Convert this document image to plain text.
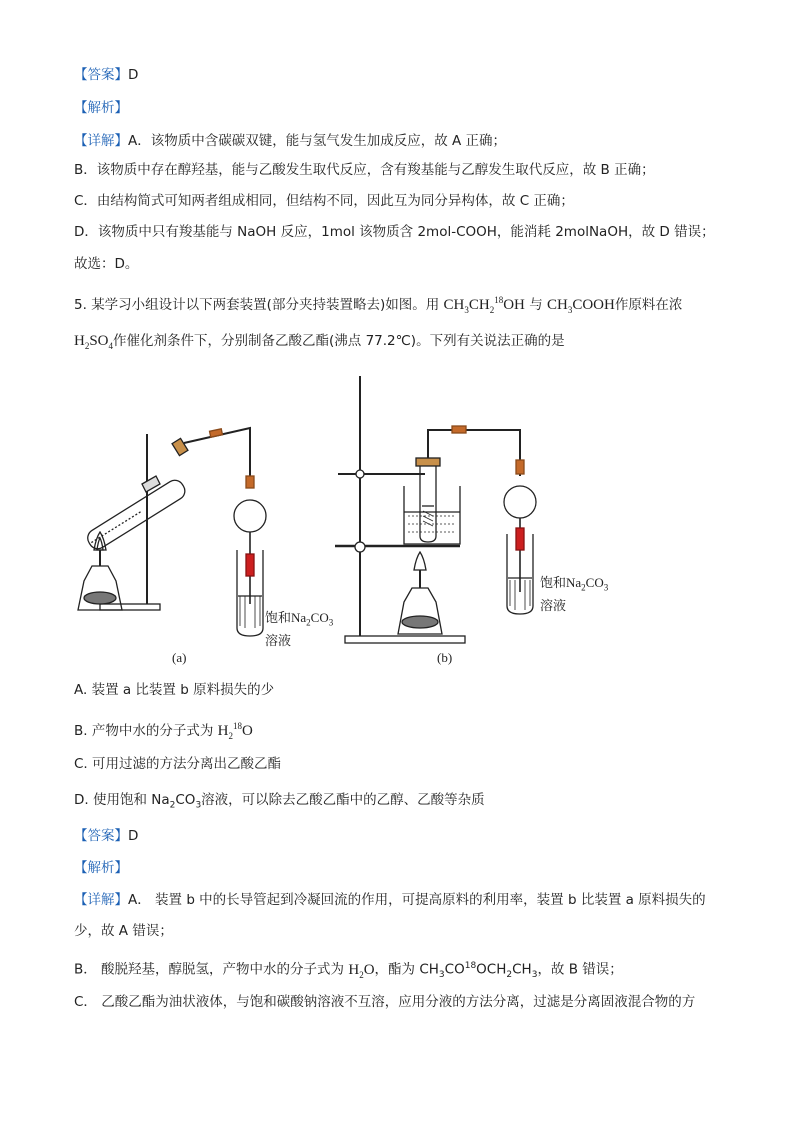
【答案】D
【解析】
【详解】A．该物质中含碳碳双键，能与氢气发生加成反应，故 A 正确；
B．该物质中存在醇羟基，能与乙酸发生取代反应，含有羧基能与乙醇发生取代反应，故 B 正确；
C．由结构简式可知两者组成相同，但结构不同，因此互为同分异构体，故 C 正确；
D．该物质中只有羧基能与 NaOH 反应，1mol 该物质含 2mol-COOH，能消耗 2molNaOH，故 D 错误；
故选：D。
5. 某学习小组设计以下两套装置(部分夹持装置略去)如图。用 $CH_3CH_2^{18}OH$ 与 $CH_3COOH$作原料在浓
$H_2SO_4$作催化剂条件下，分别制备乙酸乙酯(沸点 77.2℃)。下列有关说法正确的是
饱和$Na_2CO_3$
溶液
饱和$Na_2CO_3$
溶液
(a)	(b)
A. 装置 a 比装置 b 原料损失的少
B. 产物中水的分子式为 $H_2^{18}O$
C. 可用过滤的方法分离出乙酸乙酯
D. 使用饱和 $Na_2CO_3$溶液，可以除去乙酸乙酯中的乙醇、乙酸等杂质
【答案】D
【解析】
【详解】A． 装置 b 中的长导管起到冷凝回流的作用，可提高原料的利用率，装置 b 比装置 a 原料损失的
少，故 A 错误；
B． 酸脱羟基，醇脱氢，产物中水的分子式为 $H_2O$，酯为 $CH_3CO^{18}OCH_2CH_3$，故 B 错误；
C． 乙酸乙酯为油状液体，与饱和碳酸钠溶液不互溶，应用分液的方法分离，过滤是分离固液混合物的方
